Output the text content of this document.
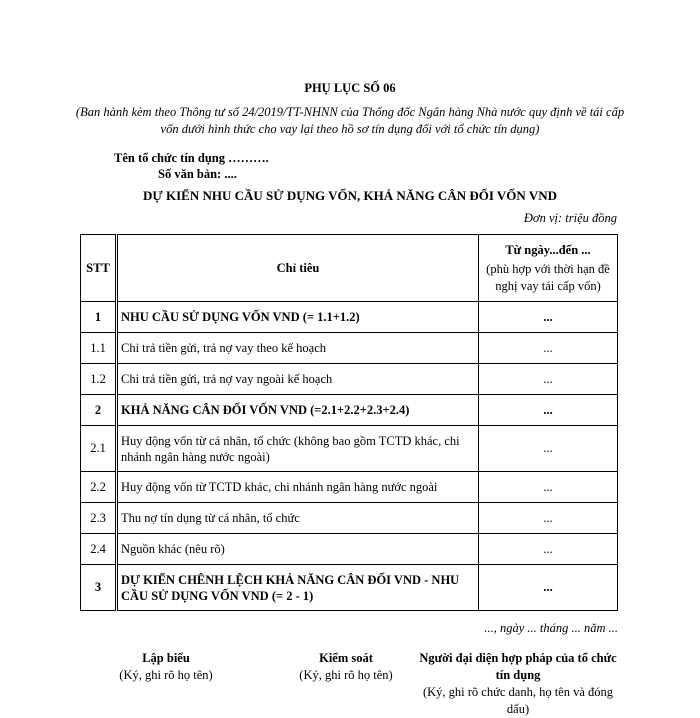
PHỤ LỤC SỐ 06
(Ban hành kèm theo Thông tư số 24/2019/TT-NHNN của Thống đốc Ngân hàng Nhà nước quy định về tái cấp vốn dưới hình thức cho vay lại theo hồ sơ tín dụng đối với tổ chức tín dụng)
Tên tổ chức tín dụng ……….
Số văn bản: ....
DỰ KIẾN NHU CẦU SỬ DỤNG VỐN, KHẢ NĂNG CÂN ĐỐI VỐN VND
Đơn vị: triệu đồng
STT	Chỉ tiêu	Từ ngày...đến ...
(phù hợp với thời hạn đề nghị vay tái cấp vốn)

1	NHU CẦU SỬ DỤNG VỐN VND (= 1.1+1.2)	...
1.1	Chi trả tiền gửi, trả nợ vay theo kế hoạch	...
1.2	Chi trả tiền gửi, trả nợ vay ngoài kế hoạch	...
2	KHẢ NĂNG CÂN ĐỐI VỐN VND (=2.1+2.2+2.3+2.4)	...
2.1	Huy động vốn từ cá nhân, tổ chức (không bao gồm TCTD khác, chi nhánh ngân hàng nước ngoài)	...
2.2	Huy động vốn từ TCTD khác, chi nhánh ngân hàng nước ngoài	...
2.3	Thu nợ tín dụng từ cá nhân, tổ chức	...
2.4	Nguồn khác (nêu rõ)	...
3	DỰ KIẾN CHÊNH LỆCH KHẢ NĂNG CÂN ĐỐI VND - NHU CẦU SỬ DỤNG VỐN VND (= 2 - 1)	...
..., ngày ... tháng ... năm ...
Lập biểu
(Ký, ghi rõ họ tên)
Kiểm soát
(Ký, ghi rõ họ tên)
Người đại diện hợp pháp của tổ chức tín dụng
(Ký, ghi rõ chức danh, họ tên và đóng dấu)
